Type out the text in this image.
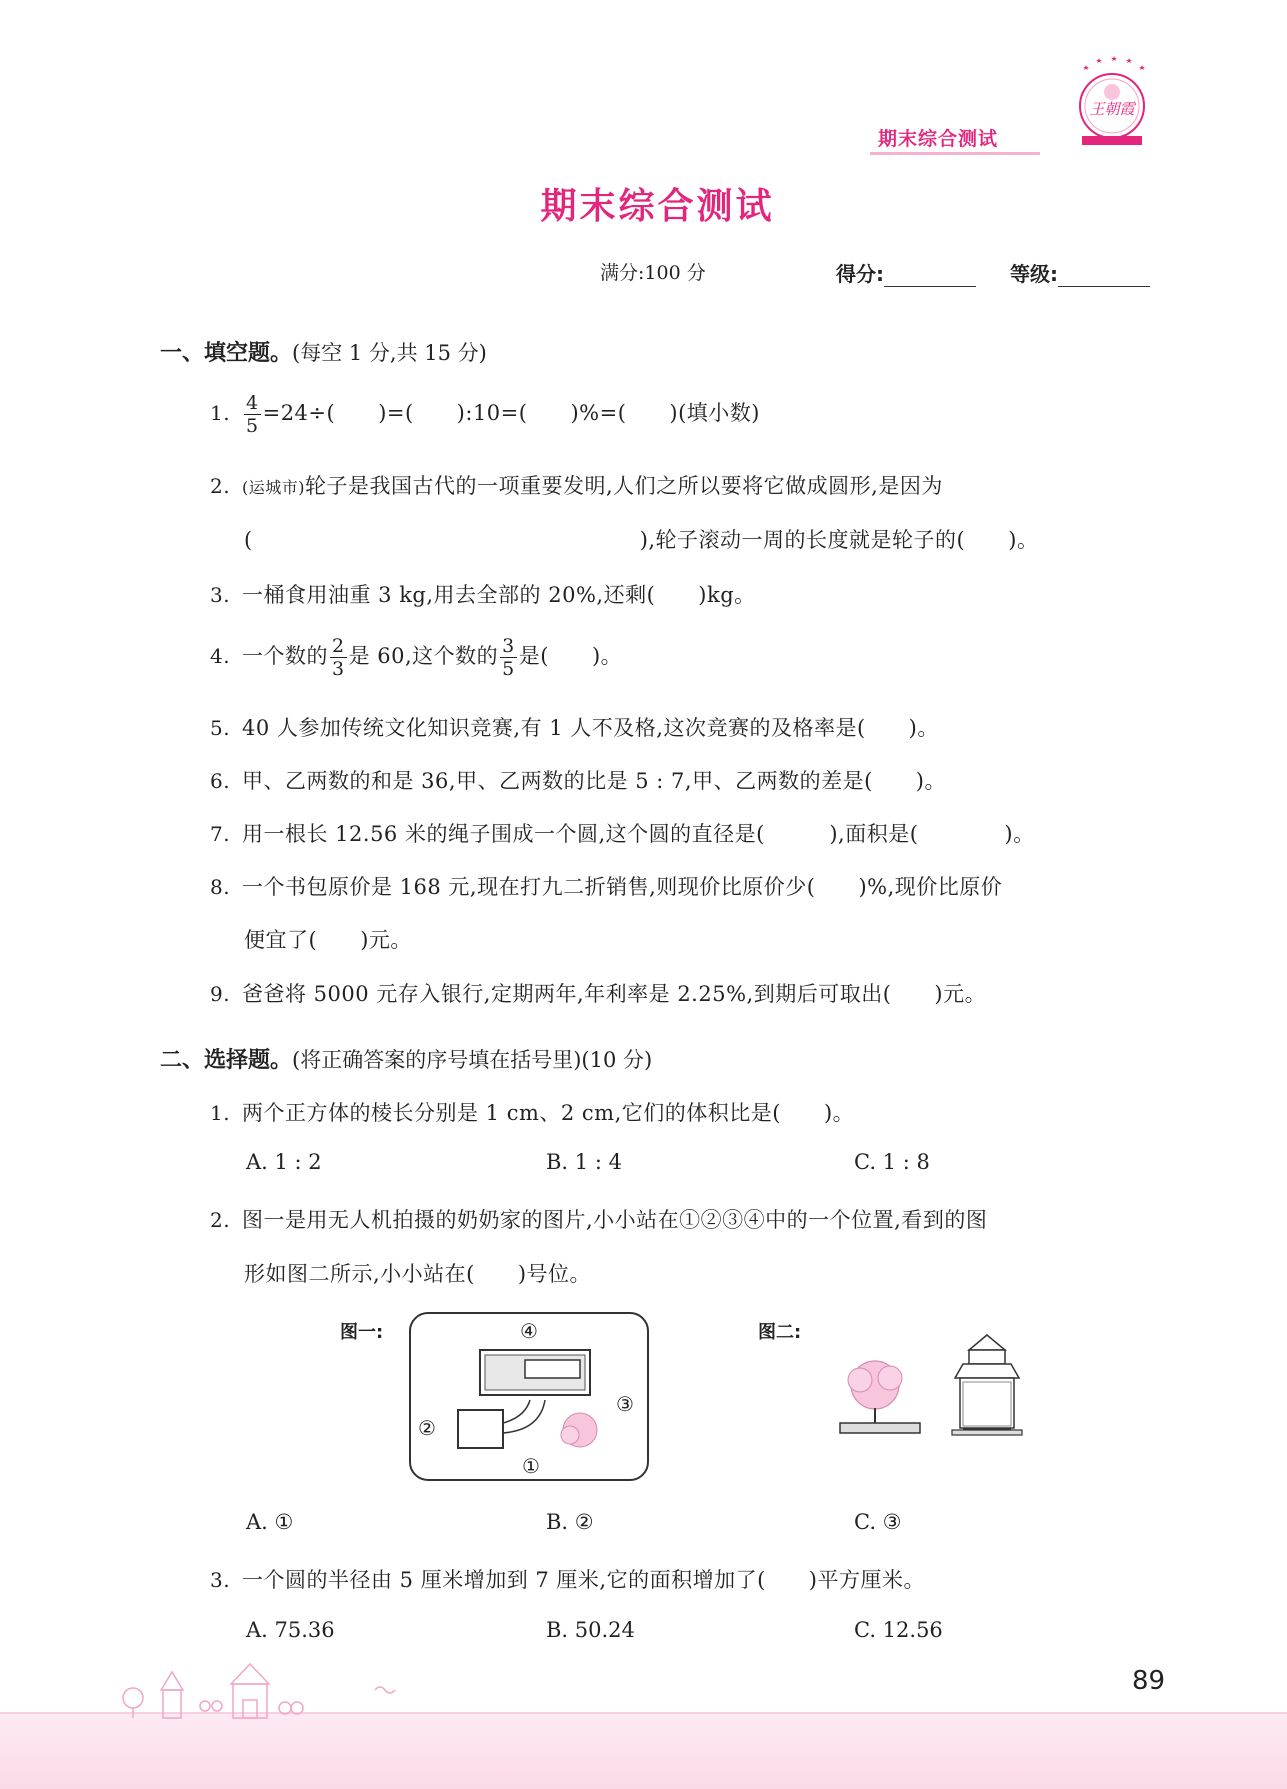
期末综合测试
王朝霞
期末综合测试
满分:100 分	得分:	等级:
一、填空题。(每空 1 分,共 15 分)
1. $\frac{4}{5} =24\div$(　　)=(　　):10=(　　)%=(　　)(填小数)
2. (运城市)轮子是我国古代的一项重要发明,人们之所以要将它做成圆形,是因为
(　　　　　　　　　　　　　　　　　　),轮子滚动一周的长度就是轮子的(　　)。
3. 一桶食用油重 3 kg,用去全部的 20%,还剩(　　)kg。
4. 一个数的 $\frac{2}{3}$ 是 60,这个数的 $\frac{3}{5}$ 是(　　)。
5. 40 人参加传统文化知识竞赛,有 1 人不及格,这次竞赛的及格率是(　　)。
6. 甲、乙两数的和是 36,甲、乙两数的比是 5 : 7,甲、乙两数的差是(　　)。
7. 用一根长 12.56 米的绳子围成一个圆,这个圆的直径是(　　　),面积是(　　　　)。
8. 一个书包原价是 168 元,现在打九二折销售,则现价比原价少(　　)%,现价比原价
便宜了(　　)元。
9. 爸爸将 5000 元存入银行,定期两年,年利率是 2.25%,到期后可取出(　　)元。
二、选择题。(将正确答案的序号填在括号里)(10 分)
1. 两个正方体的棱长分别是 1 cm、2 cm,它们的体积比是(　　)。
A. 1 : 2	B. 1 : 4	C. 1 : 8
2. 图一是用无人机拍摄的奶奶家的图片,小小站在①②③④中的一个位置,看到的图
形如图二所示,小小站在(　　)号位。
图一:	④
③
②
①
图二:
A. ①	B. ②	C. ③
3. 一个圆的半径由 5 厘米增加到 7 厘米,它的面积增加了(　　)平方厘米。
A. 75.36	B. 50.24	C. 12.56
89
